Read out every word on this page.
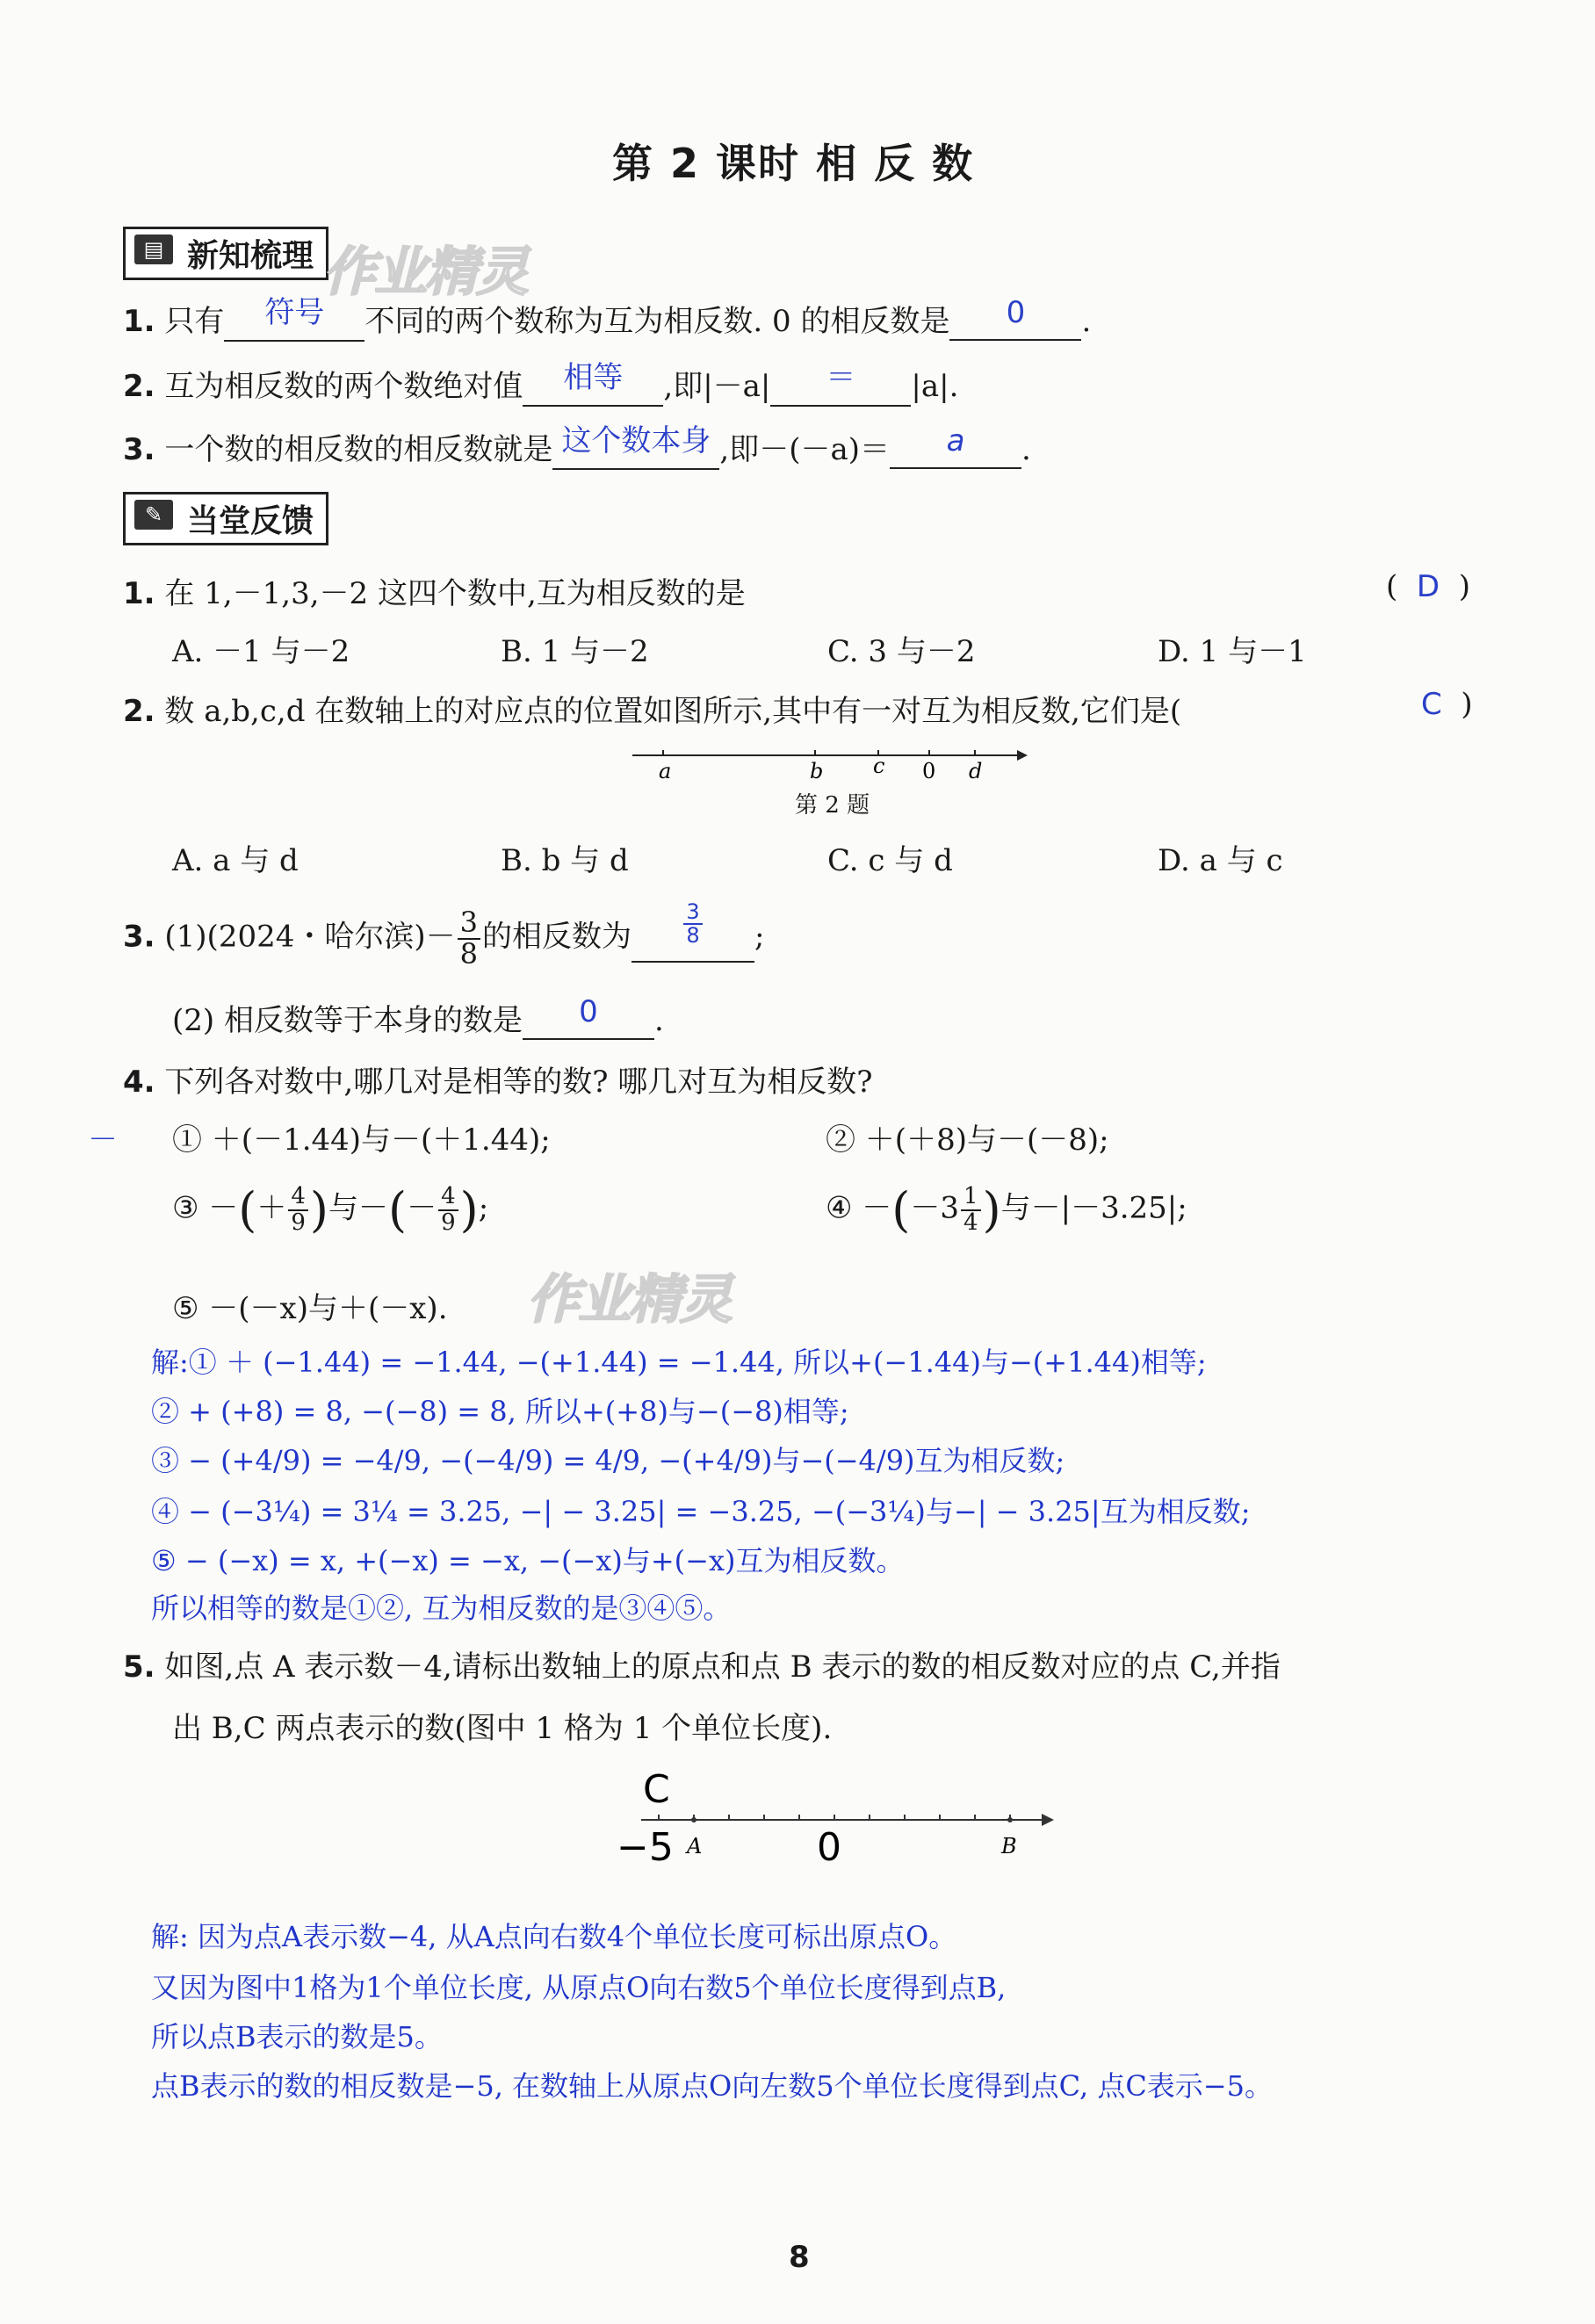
第 2 课时 相 反 数
▤ 新知梳理 作业精灵
1. 只有 符号 不同的两个数称为互为相反数. 0 的相反数是 0 .
2. 互为相反数的两个数绝对值 相等 ,即|－a| ＝ |a|.
3. 一个数的相反数的相反数就是 这个数本身 ,即－(－a)＝ a .
✎ 当堂反馈
1. 在 1,－1,3,－2 这四个数中,互为相反数的是	( D )
A. －1 与－2	B. 1 与－2	C. 3 与－2	D. 1 与－1
2. 数 a,b,c,d 在数轴上的对应点的位置如图所示,其中有一对互为相反数,它们是(	C )
a	b c 0 d
第 2 题
A. a 与 d	B. b 与 d	C. c 与 d	D. a 与 c
3. (1)(2024・哈尔滨)－ $\frac{3}{8}$ 的相反数为 $\frac{3}{8}$ ;
(2) 相反数等于本身的数是 0 .
4. 下列各对数中,哪几对是相等的数? 哪几对互为相反数?
－ ① ＋(－1.44)与－(＋1.44);	② ＋(＋8)与－(－8);
③ －(＋ $\frac{4}{9}$ )与－(－ $\frac{4}{9}$ );	④ $-(-3 \frac{1}{4}$ )与－|－3.25|;
⑤ －(－x)与＋(－x). 作业精灵
解:① ＋ (−1.44) = −1.44, −(+1.44) = −1.44, 所以+(−1.44)与−(+1.44)相等;
② + (+8) = 8, −(−8) = 8, 所以+(+8)与−(−8)相等;
③ − (+4/9) = −4/9, −(−4/9) = 4/9, −(+4/9)与−(−4/9)互为相反数;
④ − (−3¼) = 3¼ = 3.25, −| − 3.25| = −3.25, −(−3¼)与−| − 3.25|互为相反数;
⑤ − (−x) = x, +(−x) = −x, −(−x)与+(−x)互为相反数。
所以相等的数是①②, 互为相反数的是③④⑤。
5. 如图,点 A 表示数－4,请标出数轴上的原点和点 B 表示的数的相反数对应的点 C,并指
出 B,C 两点表示的数(图中 1 格为 1 个单位长度).
C
−5 A	0	B
解: 因为点A表示数−4, 从A点向右数4个单位长度可标出原点O。
又因为图中1格为1个单位长度, 从原点O向右数5个单位长度得到点B,
所以点B表示的数是5。
点B表示的数的相反数是−5, 在数轴上从原点O向左数5个单位长度得到点C, 点C表示−5。
8
